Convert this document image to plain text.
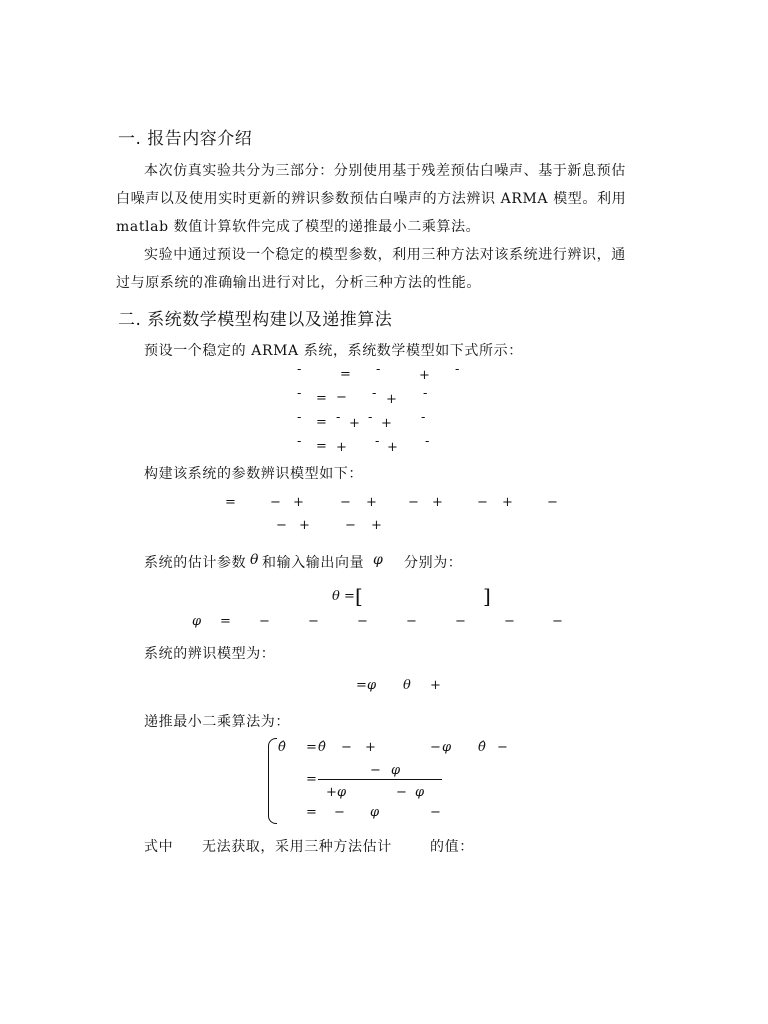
一. 报告内容介绍
本次仿真实验共分为三部分：分别使用基于残差预估白噪声、基于新息预估
白噪声以及使用实时更新的辨识参数预估白噪声的方法辨识 ARMA 模型。利用
matlab 数值计算软件完成了模型的递推最小二乘算法。
实验中通过预设一个稳定的模型参数，利用三种方法对该系统进行辨识，通
过与原系统的准确输出进行对比，分析三种方法的性能。
二. 系统数学模型构建以及递推算法
预设一个稳定的 ARMA 系统，系统数学模型如下式所示：
-	= -	+ -
- = − - + -
- = - + - + -
- = + - + -
构建该系统的参数辨识模型如下：
=	− +	− + − +	− +	−
− +	− +
系统的估计参数 θ 和输入输出向量 φ 分别为：
θ = [	]
φ = −	−	−	−	−	−	−
系统的辨识模型为：
= φ θ +
递推最小二乘算法为：
θ̂ = θ̂ − +	− φ θ̂ −
− φ
=
+ φ	− φ
= − φ	−
式中 无法获取，采用三种方法估计	的值：
